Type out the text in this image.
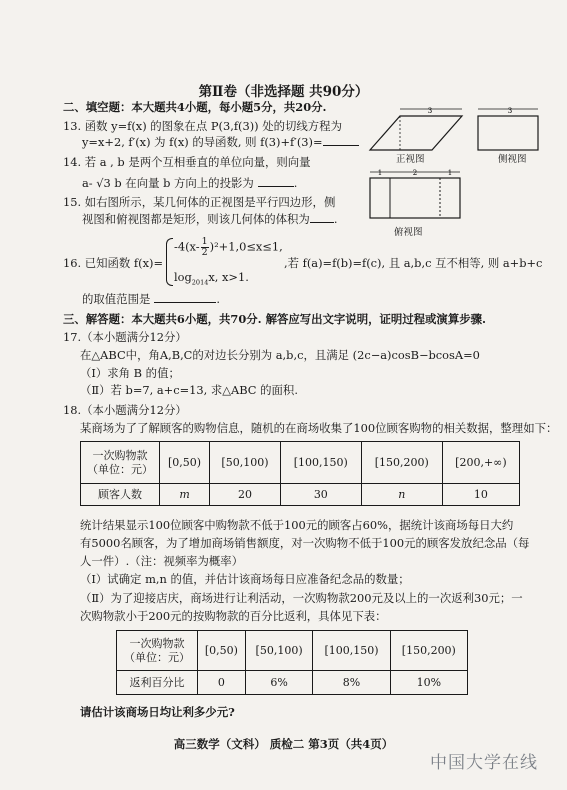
第Ⅱ卷（非选择题 共90分）
二、填空题：本大题共4小题，每小题5分，共20分.
13. 函数 y=f(x) 的图象在点 P(3,f(3)) 处的切线方程为
y=x+2, f′(x) 为 f(x) 的导函数, 则 f(3)+f′(3)=
14. 若 a , b 是两个互相垂直的单位向量，则向量
a- √3 b 在向量 b 方向上的投影为	.
15. 如右图所示，某几何体的正视图是平行四边形，侧
视图和俯视图都是矩形，则该几何体的体积为 .
3	3
1	2	1
正视图	侧视图
俯视图
16. 已知函数 f(x)=
$-4(x- \frac{1}{2} )^2+1,0\le x\le 1$,
$\log_{2014}x$, x>1.
,若 f(a)=f(b)=f(c), 且 a,b,c 互不相等, 则 a+b+c
的取值范围是	.
三、解答题：本大题共6小题，共70分. 解答应写出文字说明，证明过程或演算步骤.
17.（本小题满分12分）
在△ABC中，角A,B,C的对边长分别为 a,b,c，且满足 (2c−a)cosB−bcosA=0
（Ⅰ）求角 B 的值；
（Ⅱ）若 b=7, a+c=13, 求△ABC 的面积.
18.（本小题满分12分）
某商场为了了解顾客的购物信息，随机的在商场收集了100位顾客购物的相关数据，整理如下：
一次购物款
（单位：元）	[0,50)	[50,100)	[100,150)	[150,200)	[200,+∞)
顾客人数	m	20	30	n	10
统计结果显示100位顾客中购物款不低于100元的顾客占60%，据统计该商场每日大约
有5000名顾客，为了增加商场销售额度，对一次购物不低于100元的顾客发放纪念品（每
人一件）.（注：视频率为概率）
（Ⅰ）试确定 m,n 的值，并估计该商场每日应准备纪念品的数量；
（Ⅱ）为了迎接店庆，商场进行让利活动，一次购物款200元及以上的一次返利30元；一
次购物款小于200元的按购物款的百分比返利，具体见下表：
一次购物款
（单位：元）	[0,50)	[50,100)	[100,150)	[150,200)
返利百分比	0	6%	8%	10%
请估计该商场日均让利多少元?
高三数学（文科） 质检二 第3页（共4页）
中国大学在线
